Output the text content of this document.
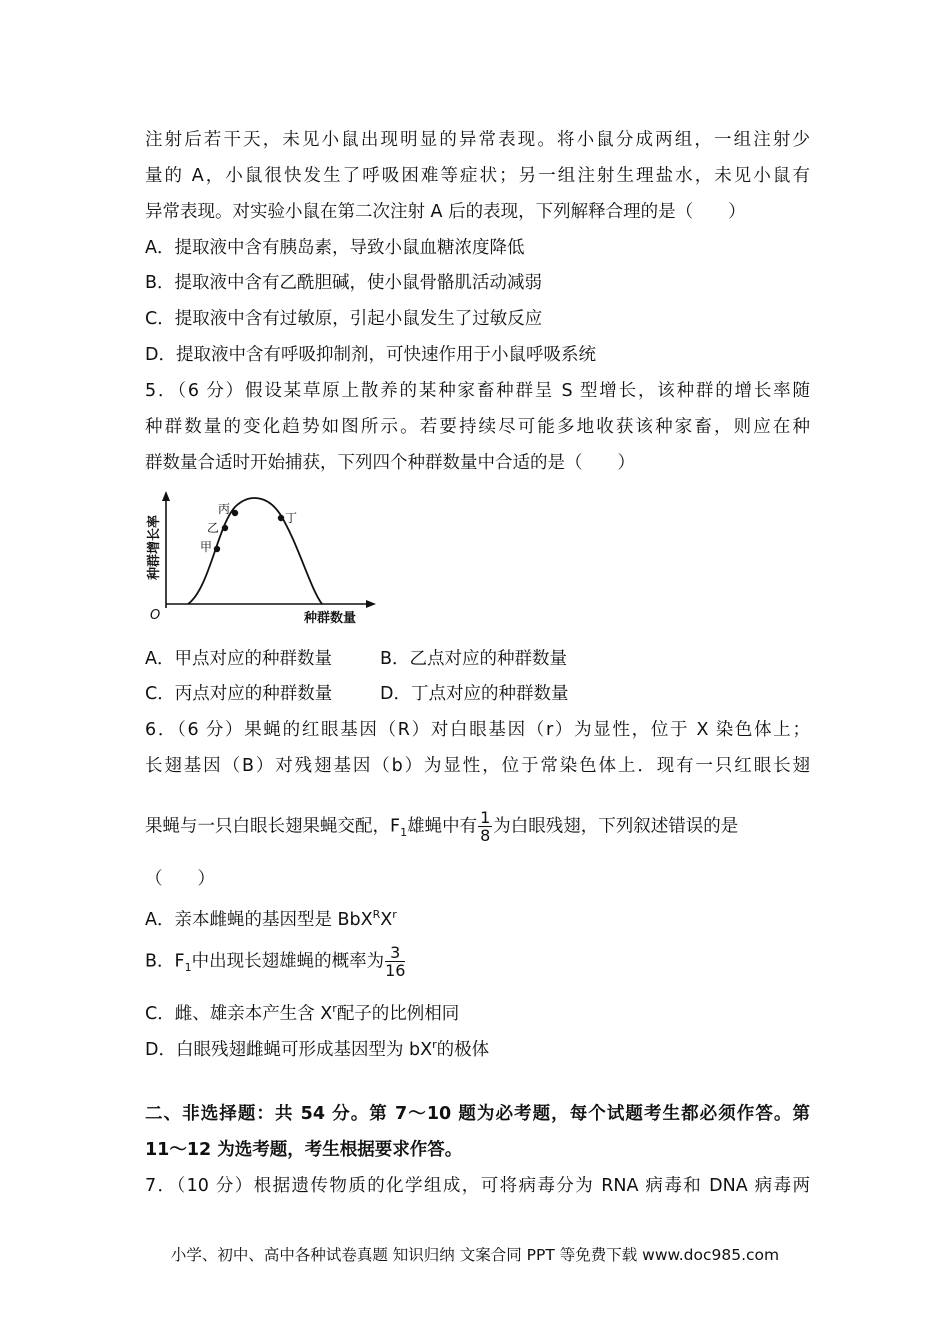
注射后若干天，未见小鼠出现明显的异常表现。将小鼠分成两组，一组注射少
量的 A，小鼠很快发生了呼吸困难等症状；另一组注射生理盐水，未见小鼠有
异常表现。对实验小鼠在第二次注射 A 后的表现，下列解释合理的是（　　）
A．提取液中含有胰岛素，导致小鼠血糖浓度降低
B．提取液中含有乙酰胆碱，使小鼠骨骼肌活动减弱
C．提取液中含有过敏原，引起小鼠发生了过敏反应
D．提取液中含有呼吸抑制剂，可快速作用于小鼠呼吸系统
5．（6 分）假设某草原上散养的某种家畜种群呈 S 型增长，该种群的增长率随
种群数量的变化趋势如图所示。若要持续尽可能多地收获该种家畜，则应在种
群数量合适时开始捕获，下列四个种群数量中合适的是（　　）
甲
乙
丙
丁
O	种群数量
种群增长率
A．甲点对应的种群数量	B．乙点对应的种群数量
C．丙点对应的种群数量	D．丁点对应的种群数量
6．（6 分）果蝇的红眼基因（R）对白眼基因（r）为显性，位于 X 染色体上；
长翅基因（B）对残翅基因（b）为显性，位于常染色体上．现有一只红眼长翅
果蝇与一只白眼长翅果蝇交配，$F_1$雄蝇中有 $\frac{1}{8}$ 为白眼残翅，下列叙述错误的是
（　　）
A．亲本雌蝇的基因型是 $BbX^RX^r$
B．$F_1$中出现长翅雄蝇的概率为 $\frac{3}{16}$
C．雌、雄亲本产生含 $X^r$配子的比例相同
D．白眼残翅雌蝇可形成基因型为 $bX^r$的极体
二、非选择题：共 54 分。第 7～10 题为必考题，每个试题考生都必须作答。第
11～12 为选考题，考生根据要求作答。
7．（10 分）根据遗传物质的化学组成，可将病毒分为 RNA 病毒和 DNA 病毒两
小学、初中、高中各种试卷真题 知识归纳 文案合同 PPT 等免费下载 www.doc985.com
